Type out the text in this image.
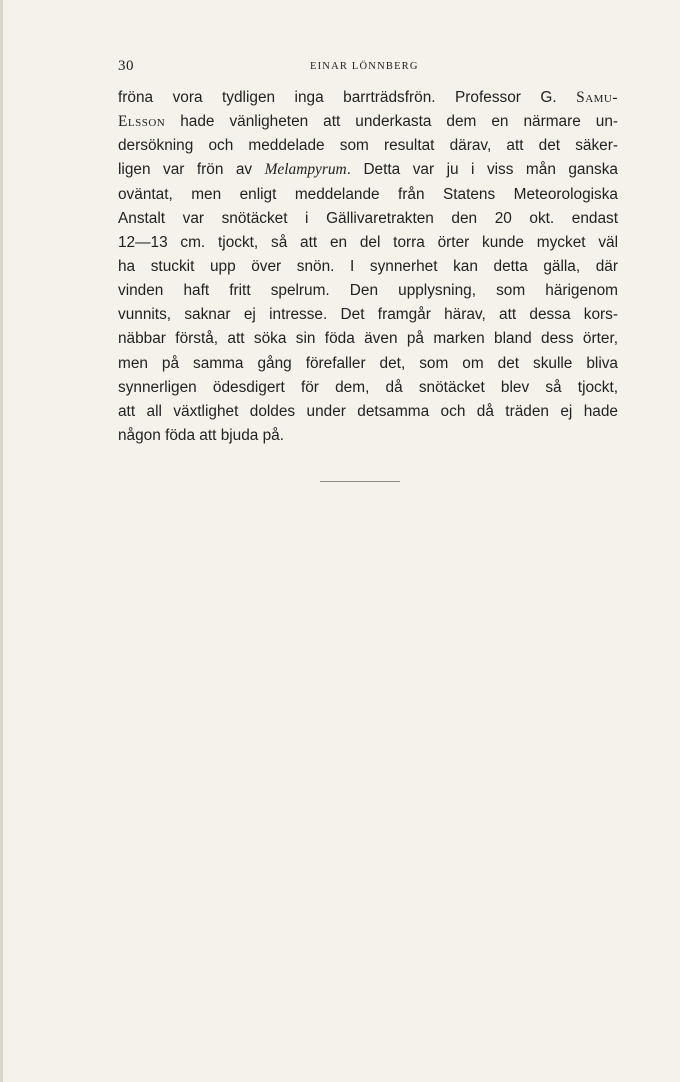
30	EINAR LÖNNBERG
fröna vora tydligen inga barrträdsfrön. Professor G. Samu-
Elsson hade vänligheten att underkasta dem en närmare un-
dersökning och meddelade som resultat därav, att det säker-
ligen var frön av Melampyrum. Detta var ju i viss mån ganska
oväntat, men enligt meddelande från Statens Meteorologiska
Anstalt var snötäcket i Gällivaretrakten den 20 okt. endast
12—13 cm. tjockt, så att en del torra örter kunde mycket väl
ha stuckit upp över snön. I synnerhet kan detta gälla, där
vinden haft fritt spelrum. Den upplysning, som härigenom
vunnits, saknar ej intresse. Det framgår härav, att dessa kors-
näbbar förstå, att söka sin föda även på marken bland dess örter,
men på samma gång förefaller det, som om det skulle bliva
synnerligen ödesdigert för dem, då snötäcket blev så tjockt,
att all växtlighet doldes under detsamma och då träden ej hade
någon föda att bjuda på.
